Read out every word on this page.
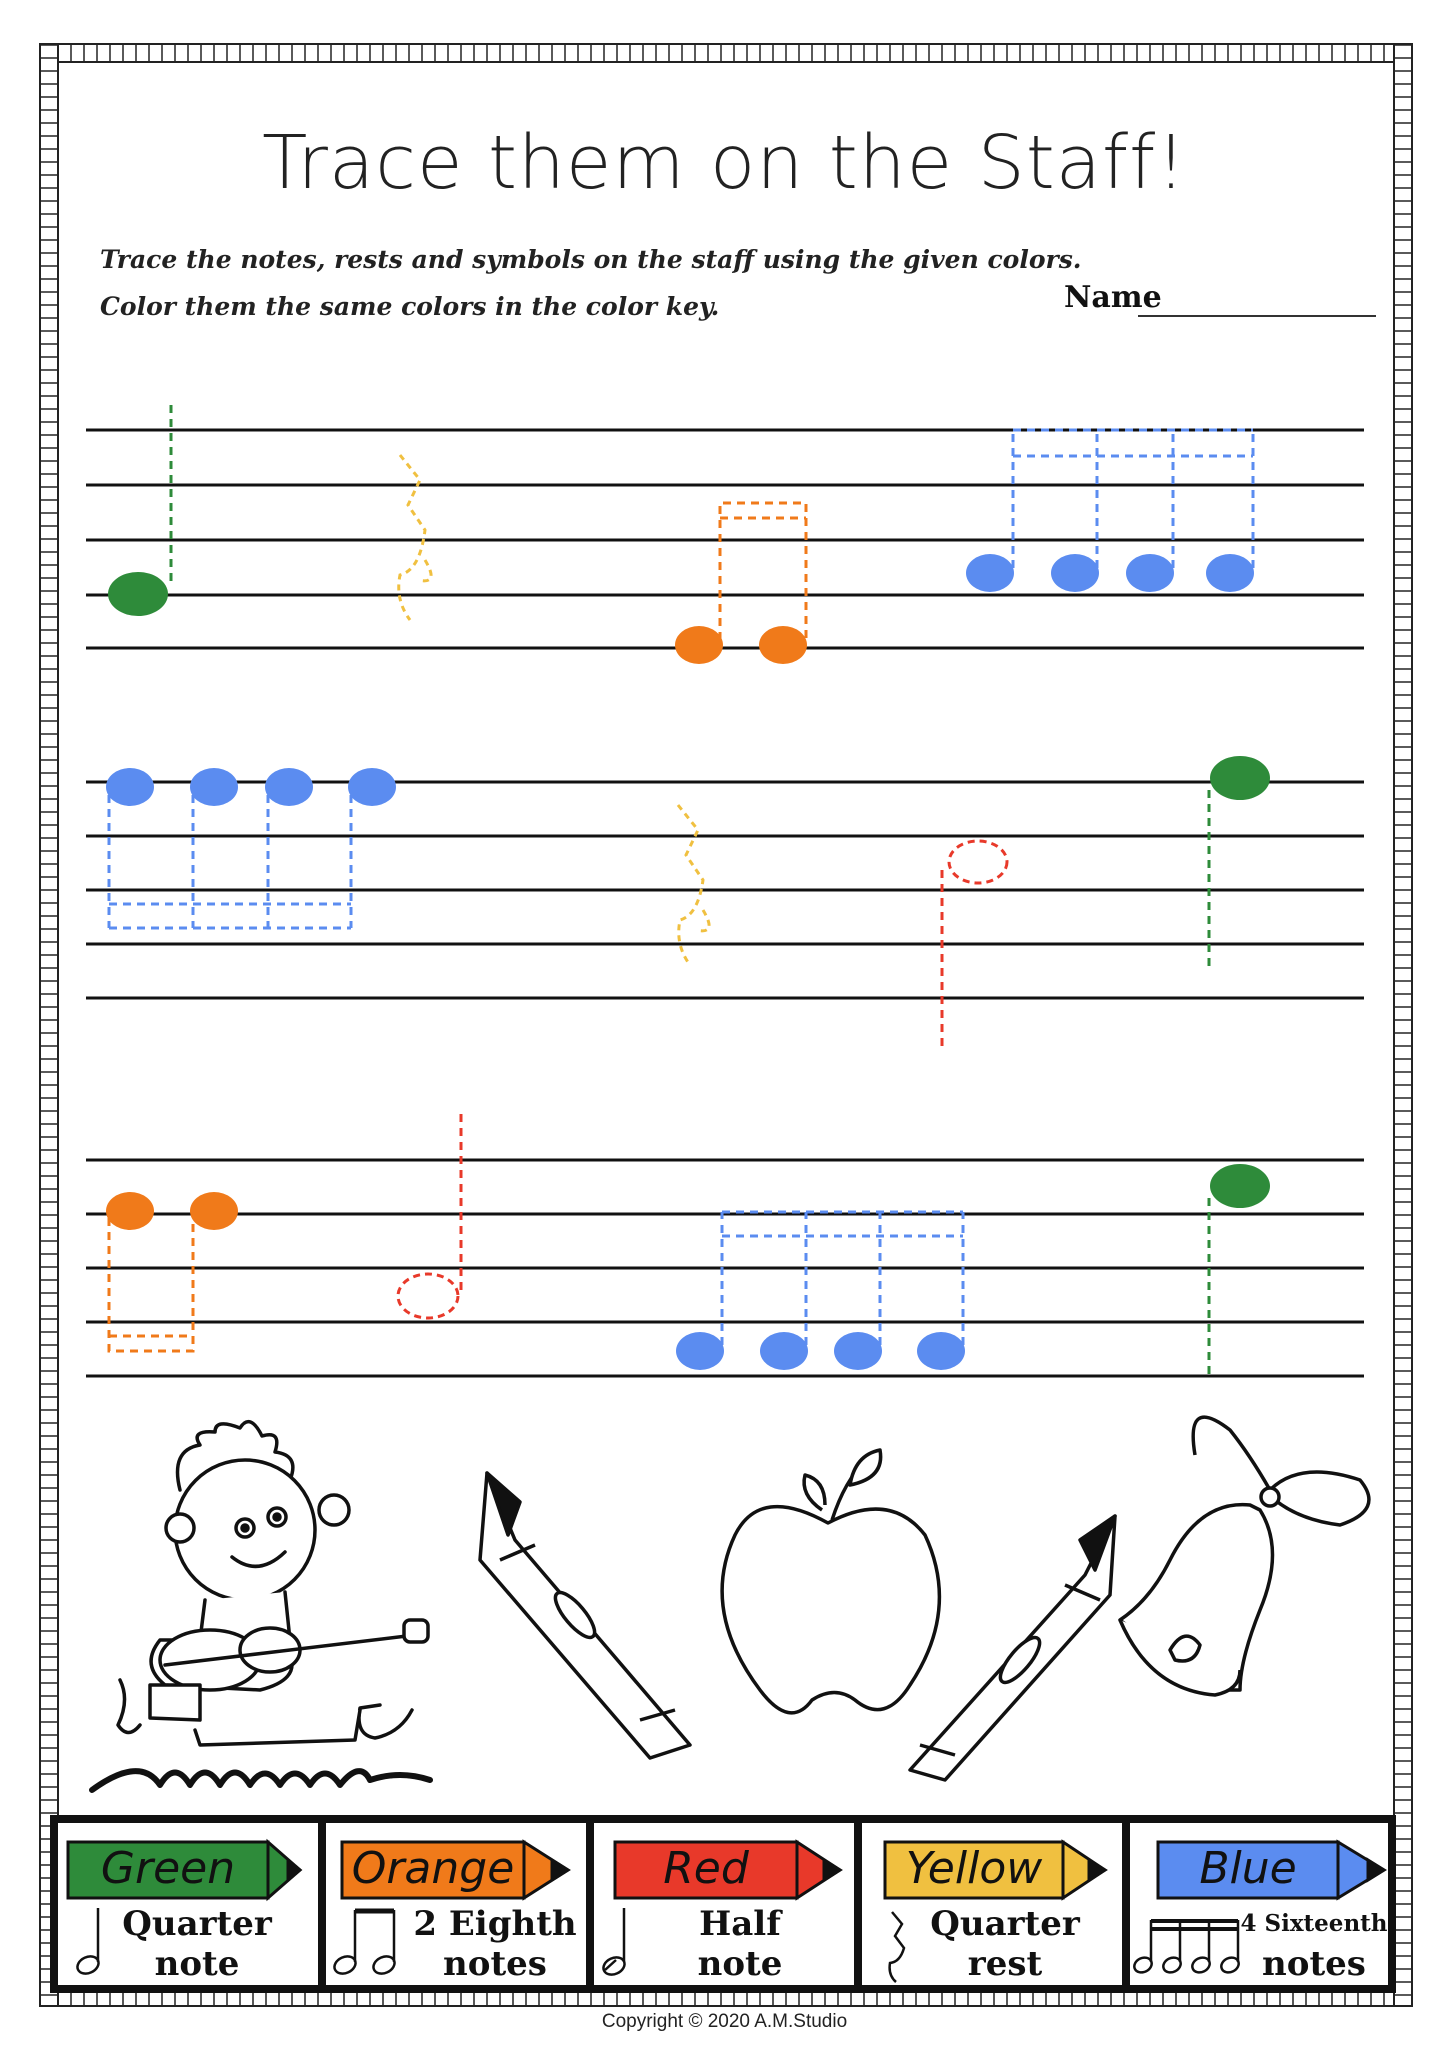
Trace them on the Staff!
Trace the notes, rests and symbols on the staff using the given colors.
Color them the same colors in the color key.	Name
Green	Orange	Red	Yellow	Blue
Quarter
note
2 Eighth
notes
Half
note
Quarter
rest
4 Sixteenth
notes
Copyright © 2020 A.M.Studio
